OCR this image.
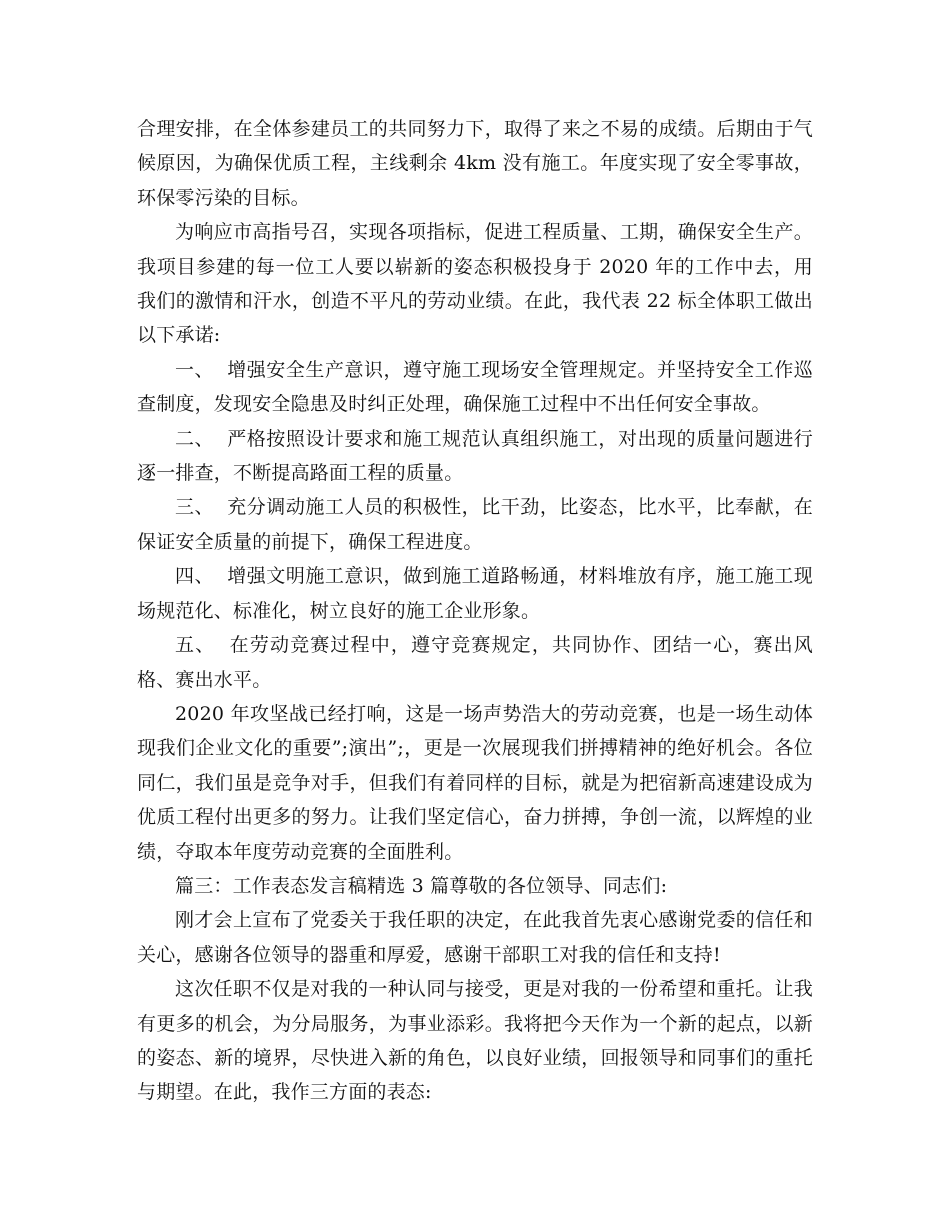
合理安排，在全体参建员工的共同努力下，取得了来之不易的成绩。后期由于气候原因，为确保优质工程，主线剩余 4km 没有施工。年度实现了安全零事故，环保零污染的目标。

为响应市高指号召，实现各项指标，促进工程质量、工期，确保安全生产。我项目参建的每一位工人要以崭新的姿态积极投身于 2020 年的工作中去，用我们的激情和汗水，创造不平凡的劳动业绩。在此，我代表 22 标全体职工做出以下承诺:

一、  增强安全生产意识，遵守施工现场安全管理规定。并坚持安全工作巡查制度，发现安全隐患及时纠正处理，确保施工过程中不出任何安全事故。

二、  严格按照设计要求和施工规范认真组织施工，对出现的质量问题进行逐一排查，不断提高路面工程的质量。

三、  充分调动施工人员的积极性，比干劲，比姿态，比水平，比奉献，在保证安全质量的前提下，确保工程进度。

四、  增强文明施工意识，做到施工道路畅通，材料堆放有序，施工施工现场规范化、标准化，树立良好的施工企业形象。

五、  在劳动竞赛过程中，遵守竞赛规定，共同协作、团结一心，赛出风格、赛出水平。

2020 年攻坚战已经打响，这是一场声势浩大的劳动竞赛，也是一场生动体现我们企业文化的重要”;演出”;，更是一次展现我们拼搏精神的绝好机会。各位同仁，我们虽是竞争对手，但我们有着同样的目标，就是为把宿新高速建设成为优质工程付出更多的努力。让我们坚定信心，奋力拼搏，争创一流，以辉煌的业绩，夺取本年度劳动竞赛的全面胜利。

篇三：工作表态发言稿精选 3 篇尊敬的各位领导、同志们:

刚才会上宣布了党委关于我任职的决定，在此我首先衷心感谢党委的信任和关心，感谢各位领导的器重和厚爱，感谢干部职工对我的信任和支持!

这次任职不仅是对我的一种认同与接受，更是对我的一份希望和重托。让我有更多的机会，为分局服务，为事业添彩。我将把今天作为一个新的起点，以新的姿态、新的境界，尽快进入新的角色，以良好业绩，回报领导和同事们的重托与期望。在此，我作三方面的表态:
